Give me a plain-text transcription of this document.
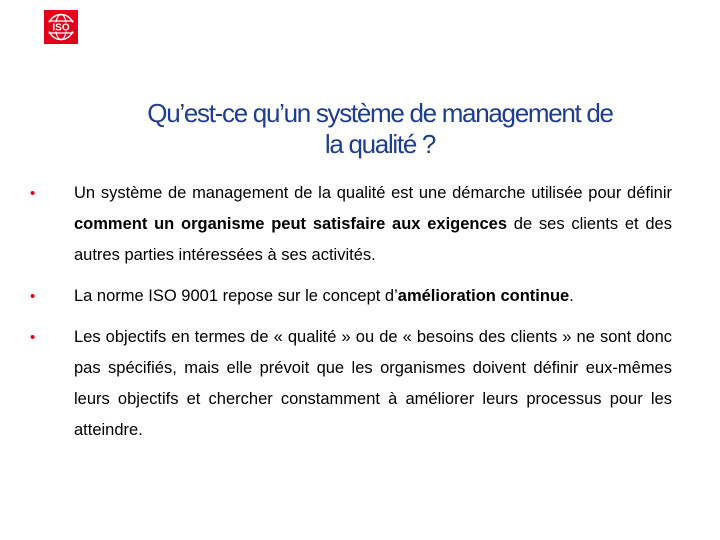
ISO
Qu’est-ce qu’un système de management de
la qualité ?
•	Un système de management de la qualité est une démarche utilisée pour définir comment un organisme peut satisfaire aux exigences de ses clients et des autres parties intéressées à ses activités.
•	La norme ISO 9001 repose sur le concept d’amélioration continue.
•	Les objectifs en termes de « qualité » ou de « besoins des clients » ne sont donc pas spécifiés, mais elle prévoit que les organismes doivent définir eux-mêmes leurs objectifs et chercher constamment à améliorer leurs processus pour les atteindre.
